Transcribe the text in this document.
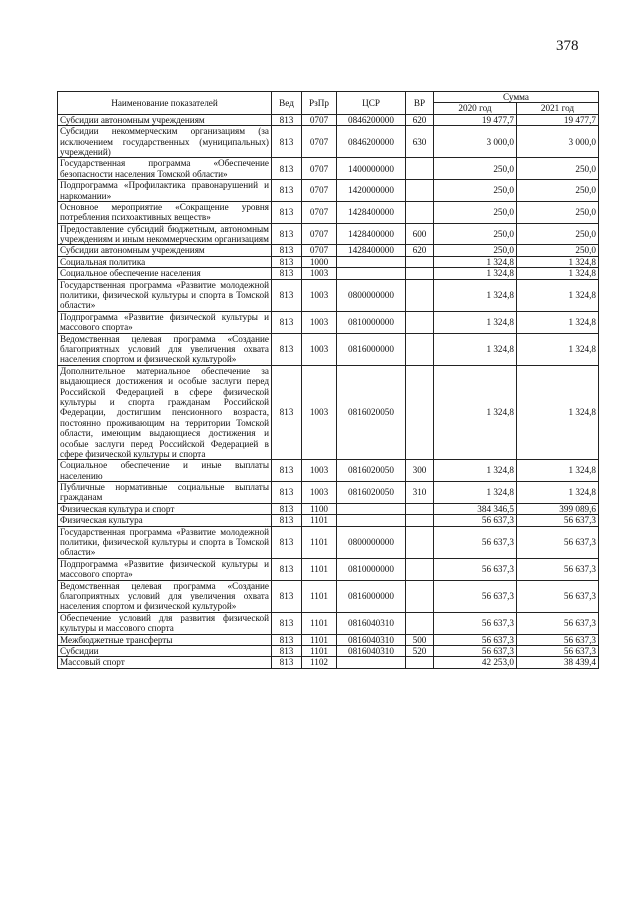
378
Наименование показателей	Вед	РзПр	ЦСР	ВР	Сумма	
					2020 год	2021 год
Субсидии автономным учреждениям	813	0707	0846200000	620	19 477,7	19 477,7
Субсидии некоммерческим организациям (за исключением государственных (муниципальных) учреждений)	813	0707	0846200000	630	3 000,0	3 000,0
Государственная программа «Обеспечение безопасности населения Томской области»	813	0707	1400000000		250,0	250,0
Подпрограмма «Профилактика правонарушений и наркомании»	813	0707	1420000000		250,0	250,0
Основное мероприятие «Сокращение уровня потребления психоактивных веществ»	813	0707	1428400000		250,0	250,0
Предоставление субсидий бюджетным, автономным учреждениям и иным некоммерческим организациям	813	0707	1428400000	600	250,0	250,0
Субсидии автономным учреждениям	813	0707	1428400000	620	250,0	250,0
Социальная политика	813	1000			1 324,8	1 324,8
Социальное обеспечение населения	813	1003			1 324,8	1 324,8
Государственная программа «Развитие молодежной политики, физической культуры и спорта в Томской области»	813	1003	0800000000		1 324,8	1 324,8
Подпрограмма «Развитие физической культуры и массового спорта»	813	1003	0810000000		1 324,8	1 324,8
Ведомственная целевая программа «Создание благоприятных условий для увеличения охвата населения спортом и физической культурой»	813	1003	0816000000		1 324,8	1 324,8
Дополнительное материальное обеспечение за выдающиеся достижения и особые заслуги перед Российской Федерацией в сфере физической культуры и спорта гражданам Российской Федерации, достигшим пенсионного возраста, постоянно проживающим на территории Томской области, имеющим выдающиеся достижения и особые заслуги перед Российской Федерацией в сфере физической культуры и спорта	813	1003	0816020050		1 324,8	1 324,8
Социальное обеспечение и иные выплаты населению	813	1003	0816020050	300	1 324,8	1 324,8
Публичные нормативные социальные выплаты гражданам	813	1003	0816020050	310	1 324,8	1 324,8
Физическая культура и спорт	813	1100			384 346,5	399 089,6
Физическая культура	813	1101			56 637,3	56 637,3
Государственная программа «Развитие молодежной политики, физической культуры и спорта в Томской области»	813	1101	0800000000		56 637,3	56 637,3
Подпрограмма «Развитие физической культуры и массового спорта»	813	1101	0810000000		56 637,3	56 637,3
Ведомственная целевая программа «Создание благоприятных условий для увеличения охвата населения спортом и физической культурой»	813	1101	0816000000		56 637,3	56 637,3
Обеспечение условий для развития физической культуры и массового спорта	813	1101	0816040310		56 637,3	56 637,3
Межбюджетные трансферты	813	1101	0816040310	500	56 637,3	56 637,3
Субсидии	813	1101	0816040310	520	56 637,3	56 637,3
Массовый спорт	813	1102			42 253,0	38 439,4
